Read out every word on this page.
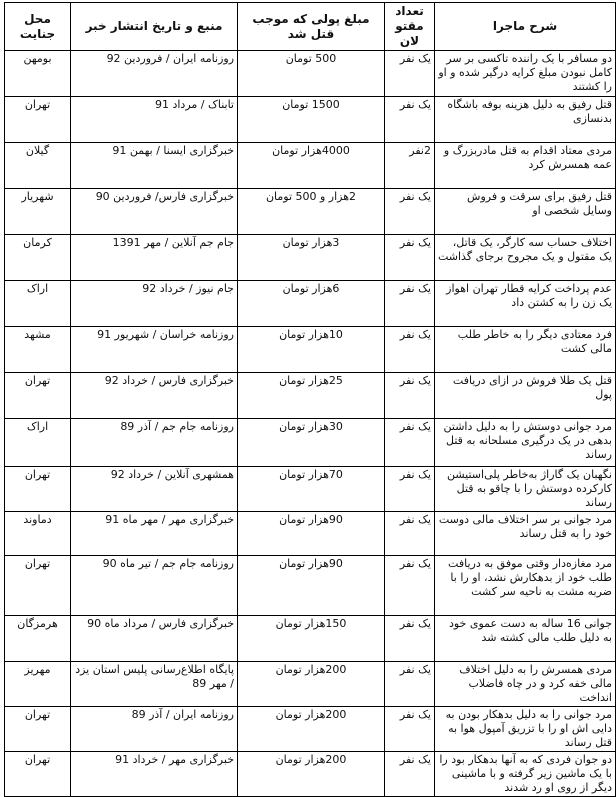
شرح ماجرا	تعداد مقتو لان	مبلغ پولی که موجب قتل شد	منبع و تاریخ انتشار خبر	محل جنایت
دو مسافر با یک راننده تاکسی بر سر کامل نبودن مبلغ کرایه درگیر شده و او را کشتند	یک نفر	500 تومان	روزنامه ایران / فروردین 92	بومهن
قتل رفیق به دلیل هزینه بوفه باشگاه بدنسازی	یک نفر	1500 تومان	تابناک / مرداد 91	تهران
مردی معتاد اقدام به قتل مادربزرگ و عمه همسرش کرد	2نفر	4000هزار تومان	خبرگزاری ایسنا / بهمن 91	گیلان
قتل رفیق برای سرقت و فروش وسایل شخصی او	یک نفر	2هزار و 500 تومان	خبرگزاری فارس/ فروردین 90	شهریار
اختلاف حساب سه کارگر، یک قاتل، یک مقتول و یک مجروح برجای گذاشت	یک نفر	3هزار تومان	جام جم آنلاین / مهر 1391	کرمان
عدم پرداخت کرایه قطار تهران اهواز یک زن را به کشتن داد	یک نفر	6هزار تومان	جام نیوز / خرداد 92	اراک
فرد معتادی دیگر را به خاطر طلب مالی کشت	یک نفر	10هزار تومان	روزنامه خراسان / شهریور 91	مشهد
قتل یک طلا فروش در ازای دریافت پول	یک نفر	25هزار تومان	خبرگزاری فارس / خرداد 92	تهران
مرد جوانی دوستش را به دلیل داشتن بدهی در یک درگیری مسلحانه به قتل رساند	یک نفر	30هزار تومان	روزنامه جام جم / آذر 89	اراک
نگهبان یک گاراژ به‌خاطر پلی‌استیشن کارکرده دوستش را با چاقو به قتل رساند	یک نفر	70هزار تومان	همشهری آنلاین / خرداد 92	تهران
مرد جوانی بر سر اختلاف مالی دوست خود را به قتل رساند	یک نفر	90هزار تومان	خبرگزاری مهر / مهر ماه 91	دماوند
مرد مغازه‌دار وقتی موفق به دریافت طلب خود از بدهکارش نشد، او را با ضربه مشت به ناحیه سر کشت	یک نفر	90هزار تومان	روزنامه جام جم / تیر ماه 90	تهران
جوانی 16 ساله به دست عموی خود به دلیل طلب مالی کشته شد	یک نفر	150هزار تومان	خبرگزاری فارس / مرداد ماه 90	هرمزگان
مردی همسرش را به دلیل اختلاف مالی خفه کرد و در چاه فاضلاب انداخت	یک نفر	200هزار تومان	پایگاه اطلاع‌رسانی پلیس استان یزد / مهر 89	مهریز
مرد جوانی را به دلیل بدهکار بودن به دایی اش او را با تزریق آمپول هوا به قتل رساند	یک نفر	200هزار تومان	روزنامه ایران / آذر 89	تهران
دو جوان فردی که به آنها بدهکار بود را با یک ماشین زیر گرفته و با ماشینی دیگر از روی او رد شدند	یک نفر	200هزار تومان	خبرگزاری مهر / خرداد 91	تهران
